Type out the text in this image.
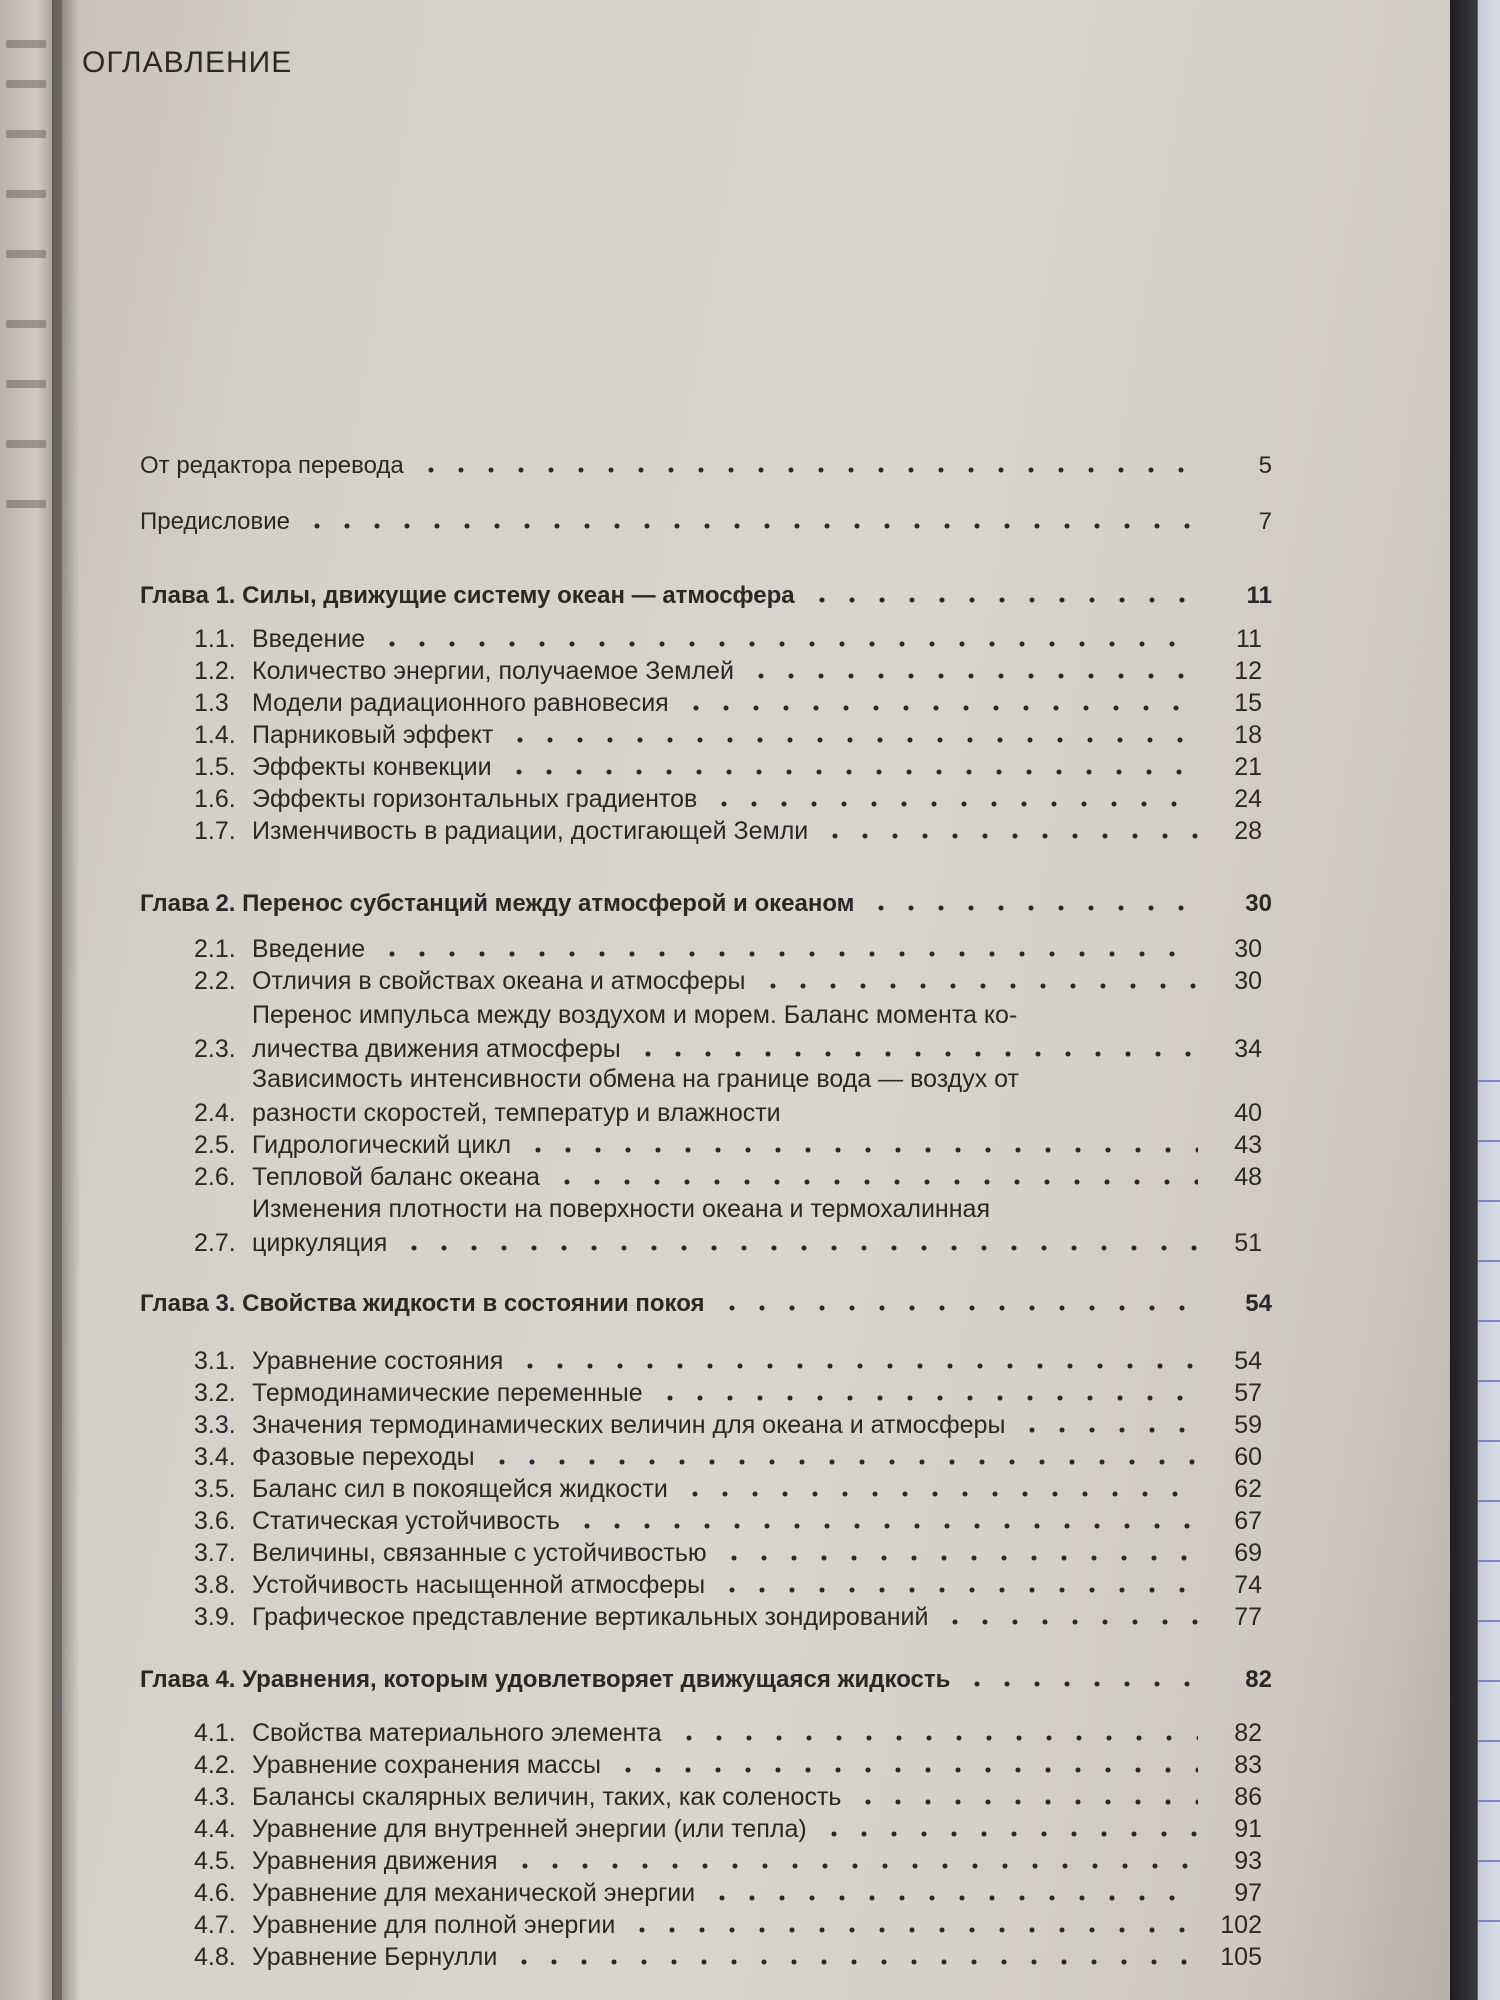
ОГЛАВЛЕНИЕ
От редактора перевода	5
Предисловие	7
Глава 1. Силы, движущие систему океан — атмосфера	11
1.1. Введение	11
1.2. Количество энергии, получаемое Землей	12
1.3 Модели радиационного равновесия	15
1.4. Парниковый эффект	18
1.5. Эффекты конвекции	21
1.6. Эффекты горизонтальных градиентов	24
1.7. Изменчивость в радиации, достигающей Земли	28
Глава 2. Перенос субстанций между атмосферой и океаном	30
2.1. Введение	30
2.2. Отличия в свойствах океана и атмосферы	30
Перенос импульса между воздухом и морем. Баланс момента ко-
2.3. личества движения атмосферы	34
Зависимость интенсивности обмена на границе вода — воздух от
2.4. разности скоростей, температур и влажности	40
2.5. Гидрологический цикл	43
2.6. Тепловой баланс океана	48
Изменения плотности на поверхности океана и термохалинная
2.7. циркуляция	51
Глава 3. Свойства жидкости в состоянии покоя	54
3.1. Уравнение состояния	54
3.2. Термодинамические переменные	57
3.3. Значения термодинамических величин для океана и атмосферы	59
3.4. Фазовые переходы	60
3.5. Баланс сил в покоящейся жидкости	62
3.6. Статическая устойчивость	67
3.7. Величины, связанные с устойчивостью	69
3.8. Устойчивость насыщенной атмосферы	74
3.9. Графическое представление вертикальных зондирований	77
Глава 4. Уравнения, которым удовлетворяет движущаяся жидкость	82
4.1. Свойства материального элемента	82
4.2. Уравнение сохранения массы	83
4.3. Балансы скалярных величин, таких, как соленость	86
4.4. Уравнение для внутренней энергии (или тепла)	91
4.5. Уравнения движения	93
4.6. Уравнение для механической энергии	97
4.7. Уравнение для полной энергии	102
4.8. Уравнение Бернулли	105
